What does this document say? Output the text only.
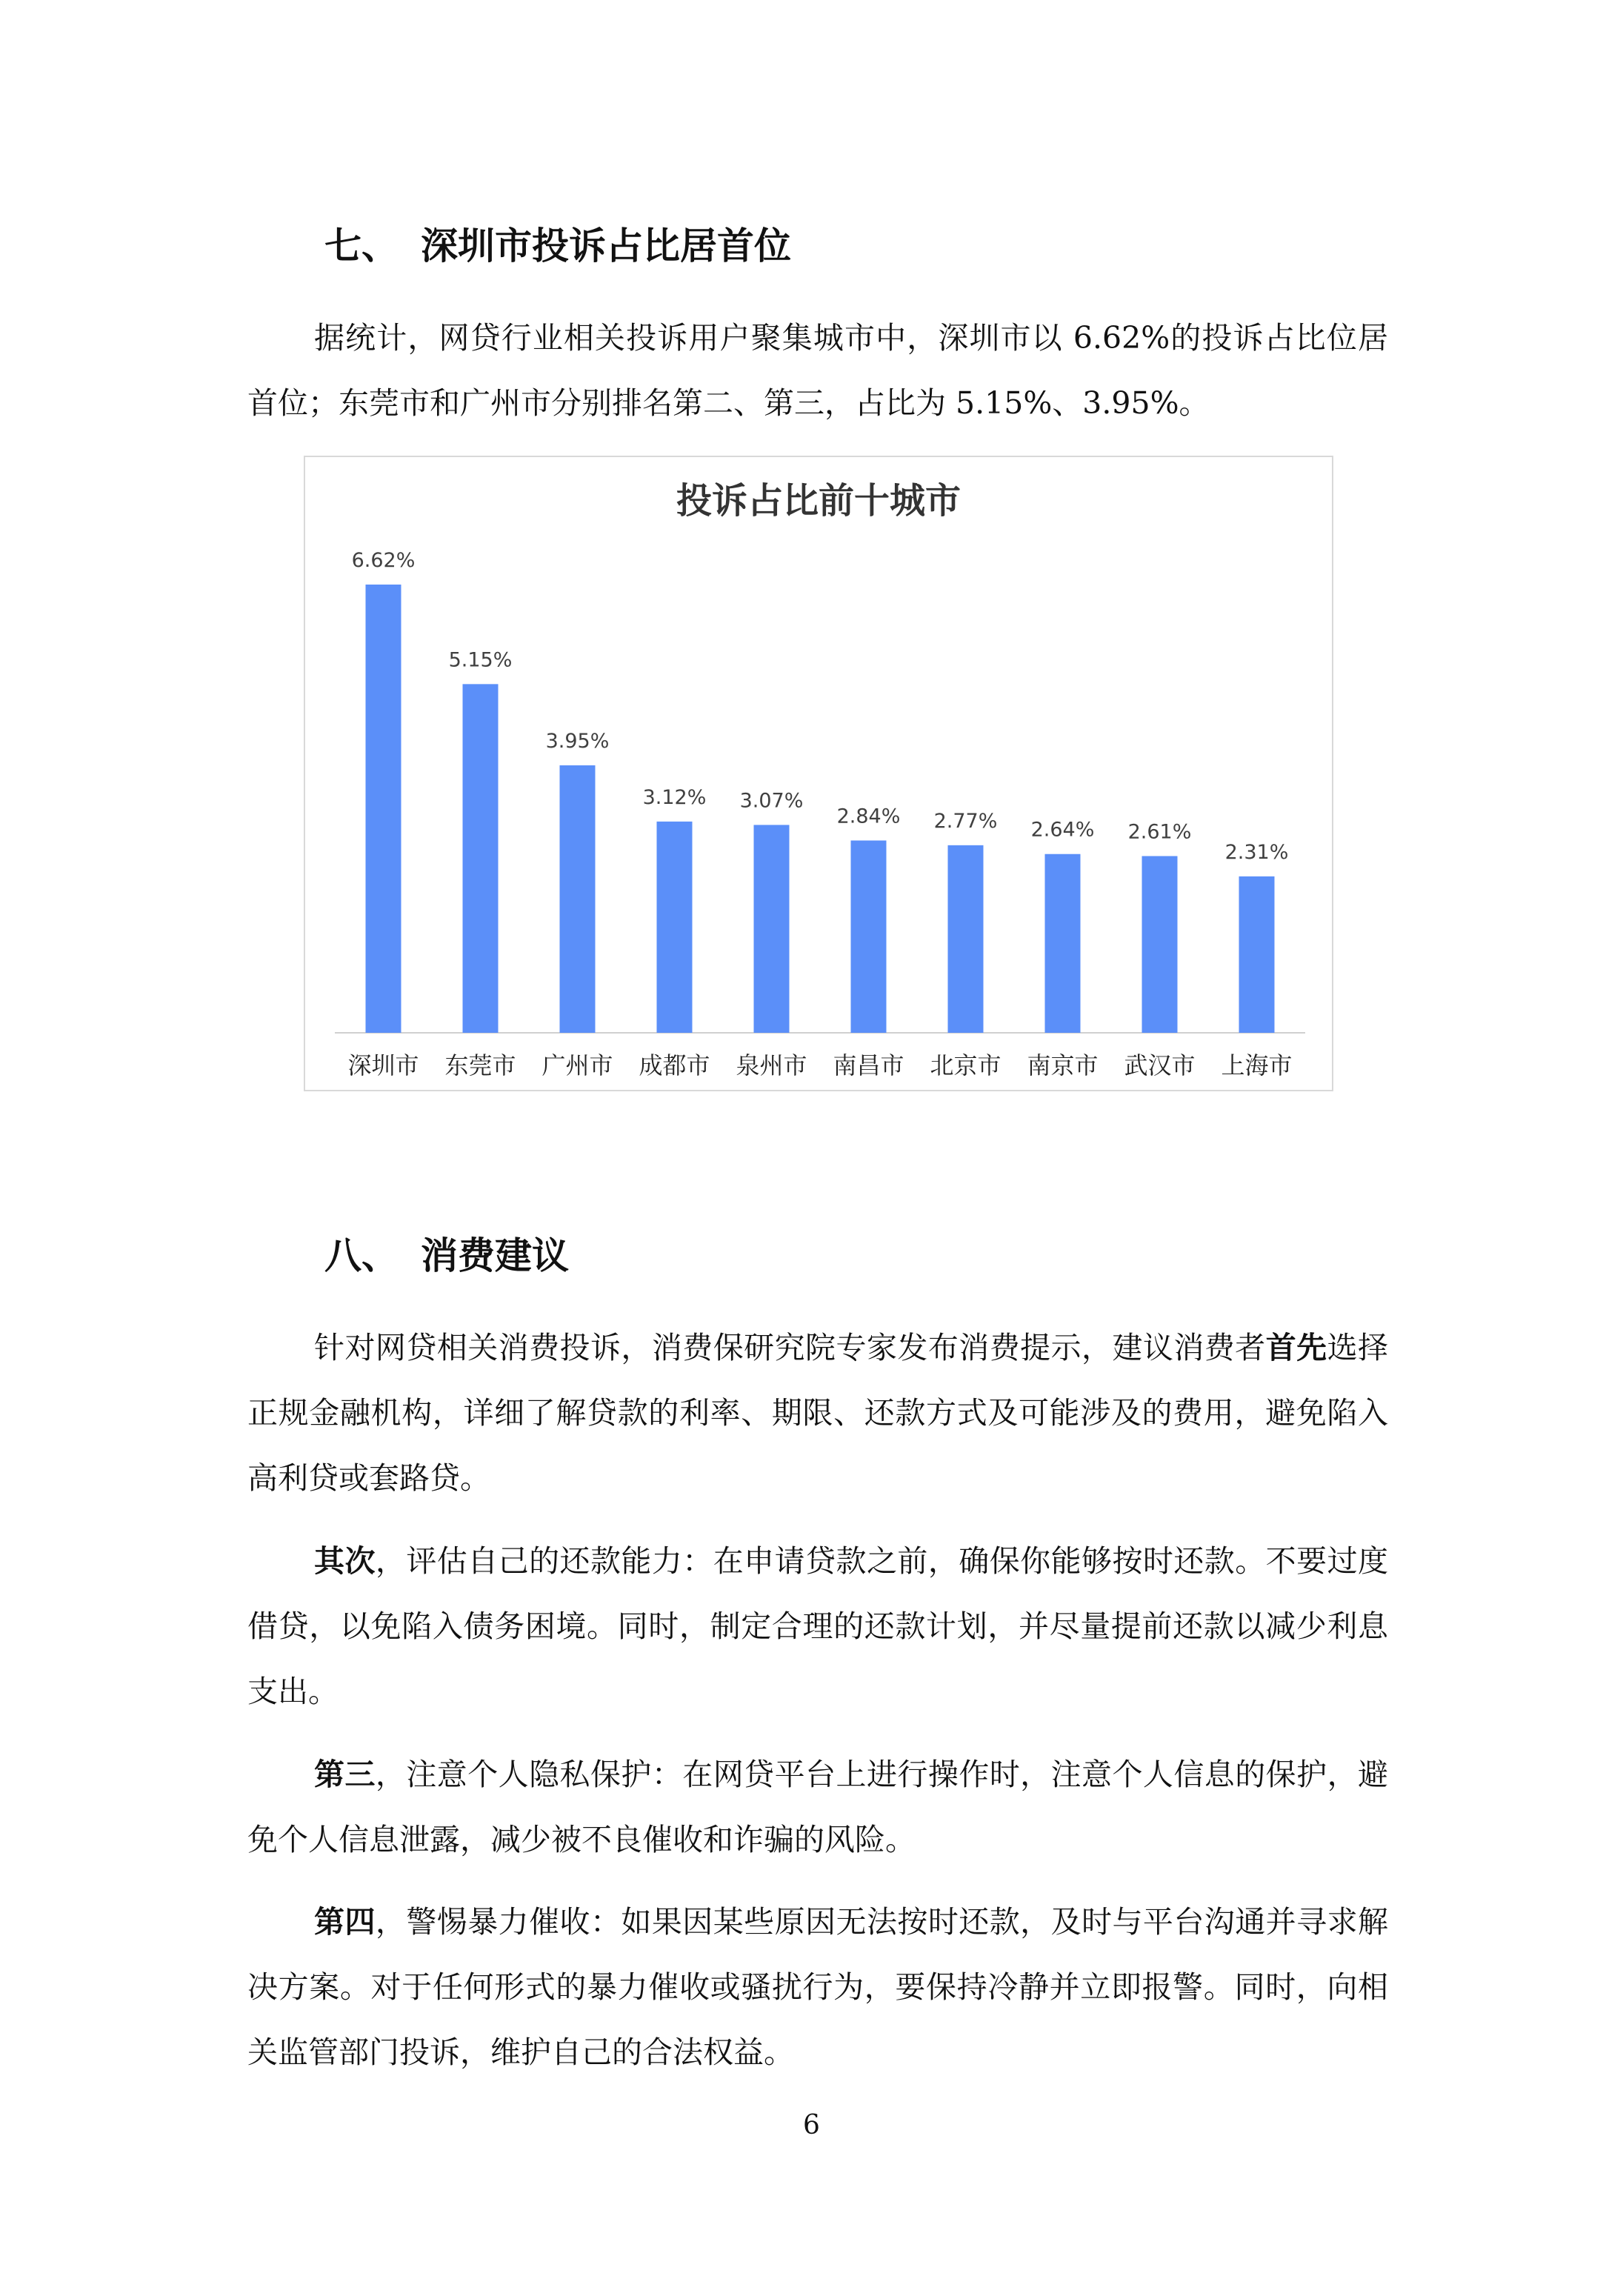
七、 深圳市投诉占比居首位
据统计，网贷行业相关投诉用户聚集城市中，深圳市以 6.62%的投诉占比位居首位；东莞市和广州市分别排名第二、第三，占比为 5.15%、3.95%。
投诉占比前十城市
6.62%
深圳市
5.15%
东莞市
3.95%
广州市
3.12%
成都市
3.07%
泉州市
2.84%
南昌市
2.77%
北京市
2.64%
南京市
2.61%
武汉市
2.31%
上海市
八、 消费建议
针对网贷相关消费投诉，消费保研究院专家发布消费提示，建议消费者首先选择正规金融机构，详细了解贷款的利率、期限、还款方式及可能涉及的费用，避免陷入高利贷或套路贷。
其次，评估自己的还款能力：在申请贷款之前，确保你能够按时还款。不要过度借贷，以免陷入债务困境。同时，制定合理的还款计划，并尽量提前还款以减少利息支出。
第三，注意个人隐私保护：在网贷平台上进行操作时，注意个人信息的保护，避免个人信息泄露，减少被不良催收和诈骗的风险。
第四，警惕暴力催收：如果因某些原因无法按时还款，及时与平台沟通并寻求解决方案。对于任何形式的暴力催收或骚扰行为，要保持冷静并立即报警。同时，向相关监管部门投诉，维护自己的合法权益。
6
